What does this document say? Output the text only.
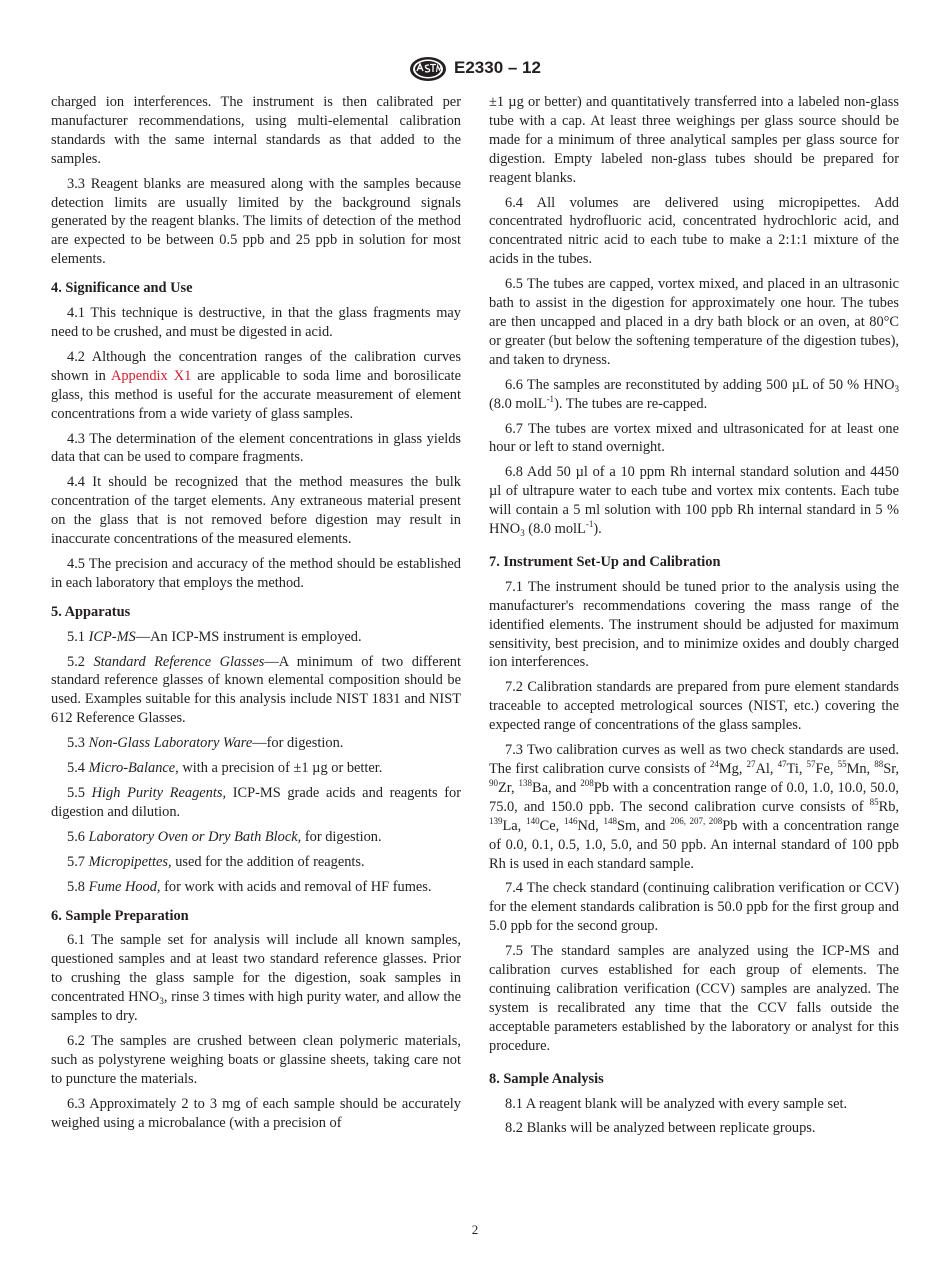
E2330 – 12

charged ion interferences. The instrument is then calibrated per manufacturer recommendations, using multi-elemental calibration standards with the same internal standards as that added to the samples.

3.3 Reagent blanks are measured along with the samples because detection limits are usually limited by the background signals generated by the reagent blanks. The limits of detection of the method are expected to be between 0.5 ppb and 25 ppb in solution for most elements.

4. Significance and Use

4.1 This technique is destructive, in that the glass fragments may need to be crushed, and must be digested in acid.

4.2 Although the concentration ranges of the calibration curves shown in Appendix X1 are applicable to soda lime and borosilicate glass, this method is useful for the accurate measurement of element concentrations from a wide variety of glass samples.

4.3 The determination of the element concentrations in glass yields data that can be used to compare fragments.

4.4 It should be recognized that the method measures the bulk concentration of the target elements. Any extraneous material present on the glass that is not removed before digestion may result in inaccurate concentrations of the measured elements.

4.5 The precision and accuracy of the method should be established in each laboratory that employs the method.

5. Apparatus

5.1 ICP-MS—An ICP-MS instrument is employed.

5.2 Standard Reference Glasses—A minimum of two different standard reference glasses of known elemental composition should be used. Examples suitable for this analysis include NIST 1831 and NIST 612 Reference Glasses.

5.3 Non-Glass Laboratory Ware—for digestion.

5.4 Micro-Balance, with a precision of ±1 µg or better.

5.5 High Purity Reagents, ICP-MS grade acids and reagents for digestion and dilution.

5.6 Laboratory Oven or Dry Bath Block, for digestion.

5.7 Micropipettes, used for the addition of reagents.

5.8 Fume Hood, for work with acids and removal of HF fumes.

6. Sample Preparation

6.1 The sample set for analysis will include all known samples, questioned samples and at least two standard reference glasses. Prior to crushing the glass sample for the digestion, soak samples in concentrated $HNO_3$, rinse 3 times with high purity water, and allow the samples to dry.

6.2 The samples are crushed between clean polymeric materials, such as polystyrene weighing boats or glassine sheets, taking care not to puncture the materials.

6.3 Approximately 2 to 3 mg of each sample should be accurately weighed using a microbalance (with a precision of

±1 µg or better) and quantitatively transferred into a labeled non-glass tube with a cap. At least three weighings per glass source should be made for a minimum of three analytical samples per glass source for digestion. Empty labeled non-glass tubes should be prepared for reagent blanks.

6.4 All volumes are delivered using micropipettes. Add concentrated hydrofluoric acid, concentrated hydrochloric acid, and concentrated nitric acid to each tube to make a 2:1:1 mixture of the acids in the tubes.

6.5 The tubes are capped, vortex mixed, and placed in an ultrasonic bath to assist in the digestion for approximately one hour. The tubes are then uncapped and placed in a dry bath block or an oven, at 80°C or greater (but below the softening temperature of the digestion tubes), and taken to dryness.

6.6 The samples are reconstituted by adding 500 µL of 50 % $HNO_3$ (8.0 molL$^{-1}$). The tubes are re-capped.

6.7 The tubes are vortex mixed and ultrasonicated for at least one hour or left to stand overnight.

6.8 Add 50 µl of a 10 ppm Rh internal standard solution and 4450 µl of ultrapure water to each tube and vortex mix contents. Each tube will contain a 5 ml solution with 100 ppb Rh internal standard in 5 % $HNO_3$ (8.0 molL$^{-1}$).

7. Instrument Set-Up and Calibration

7.1 The instrument should be tuned prior to the analysis using the manufacturer's recommendations covering the mass range of the identified elements. The instrument should be adjusted for maximum sensitivity, best precision, and to minimize oxides and doubly charged ion interferences.

7.2 Calibration standards are prepared from pure element standards traceable to accepted metrological sources (NIST, etc.) covering the expected range of concentrations of the glass samples.

7.3 Two calibration curves as well as two check standards are used. The first calibration curve consists of $^{24}$Mg, $^{27}$Al, $^{47}$Ti, $^{57}$Fe, $^{55}$Mn, $^{88}$Sr, $^{90}$Zr, $^{138}$Ba, and $^{208}$Pb with a concentration range of 0.0, 1.0, 10.0, 50.0, 75.0, and 150.0 ppb. The second calibration curve consists of $^{85}$Rb, $^{139}$La, $^{140}$Ce, $^{146}$Nd, $^{148}$Sm, and $^{206, 207, 208}$Pb with a concentration range of 0.0, 0.1, 0.5, 1.0, 5.0, and 50 ppb. An internal standard of 100 ppb Rh is used in each standard sample.

7.4 The check standard (continuing calibration verification or CCV) for the element standards calibration is 50.0 ppb for the first group and 5.0 ppb for the second group.

7.5 The standard samples are analyzed using the ICP-MS and calibration curves established for each group of elements. The continuing calibration verification (CCV) samples are analyzed. The system is recalibrated any time that the CCV falls outside the acceptable parameters established by the laboratory or analyst for this procedure.

8. Sample Analysis

8.1 A reagent blank will be analyzed with every sample set.

8.2 Blanks will be analyzed between replicate groups.

2
